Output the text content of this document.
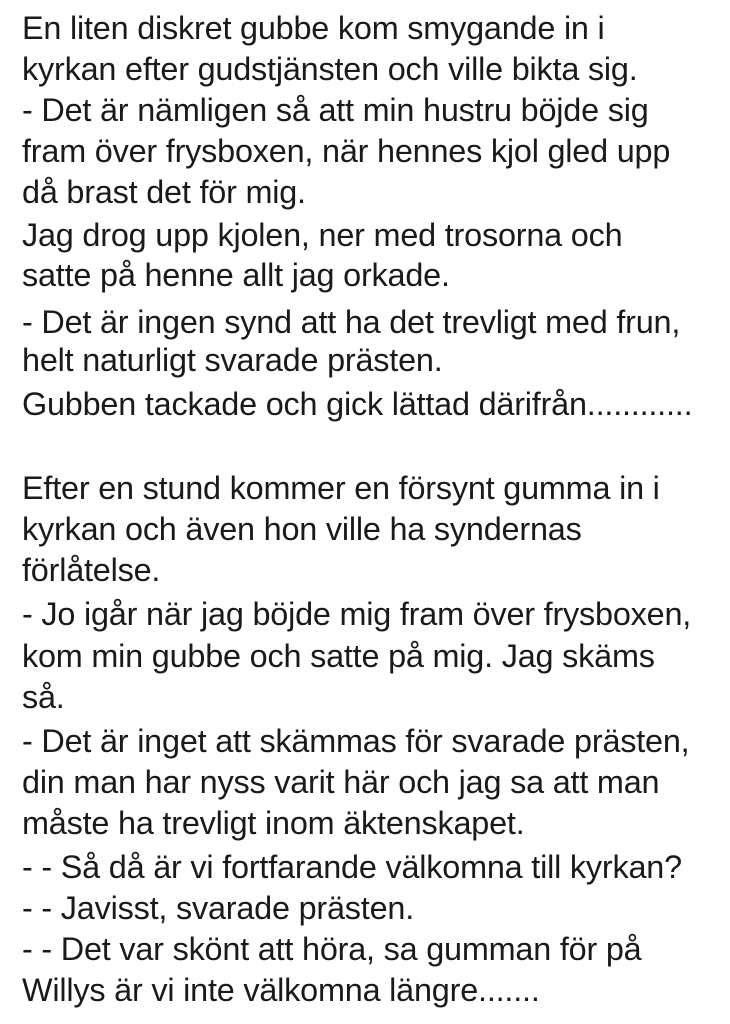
En liten diskret gubbe kom smygande in i
kyrkan efter gudstjänsten och ville bikta sig.
- Det är nämligen så att min hustru böjde sig
fram över frysboxen, när hennes kjol gled upp
då brast det för mig.
Jag drog upp kjolen, ner med trosorna och
satte på henne allt jag orkade.
- Det är ingen synd att ha det trevligt med frun,
helt naturligt svarade prästen.
Gubben tackade och gick lättad därifrån............
Efter en stund kommer en försynt gumma in i
kyrkan och även hon ville ha syndernas
förlåtelse.
- Jo igår när jag böjde mig fram över frysboxen,
kom min gubbe och satte på mig. Jag skäms
så.
- Det är inget att skämmas för svarade prästen,
din man har nyss varit här och jag sa att man
måste ha trevligt inom äktenskapet.
- - Så då är vi fortfarande välkomna till kyrkan?
- - Javisst, svarade prästen.
- - Det var skönt att höra, sa gumman för på
Willys är vi inte välkomna längre.......
